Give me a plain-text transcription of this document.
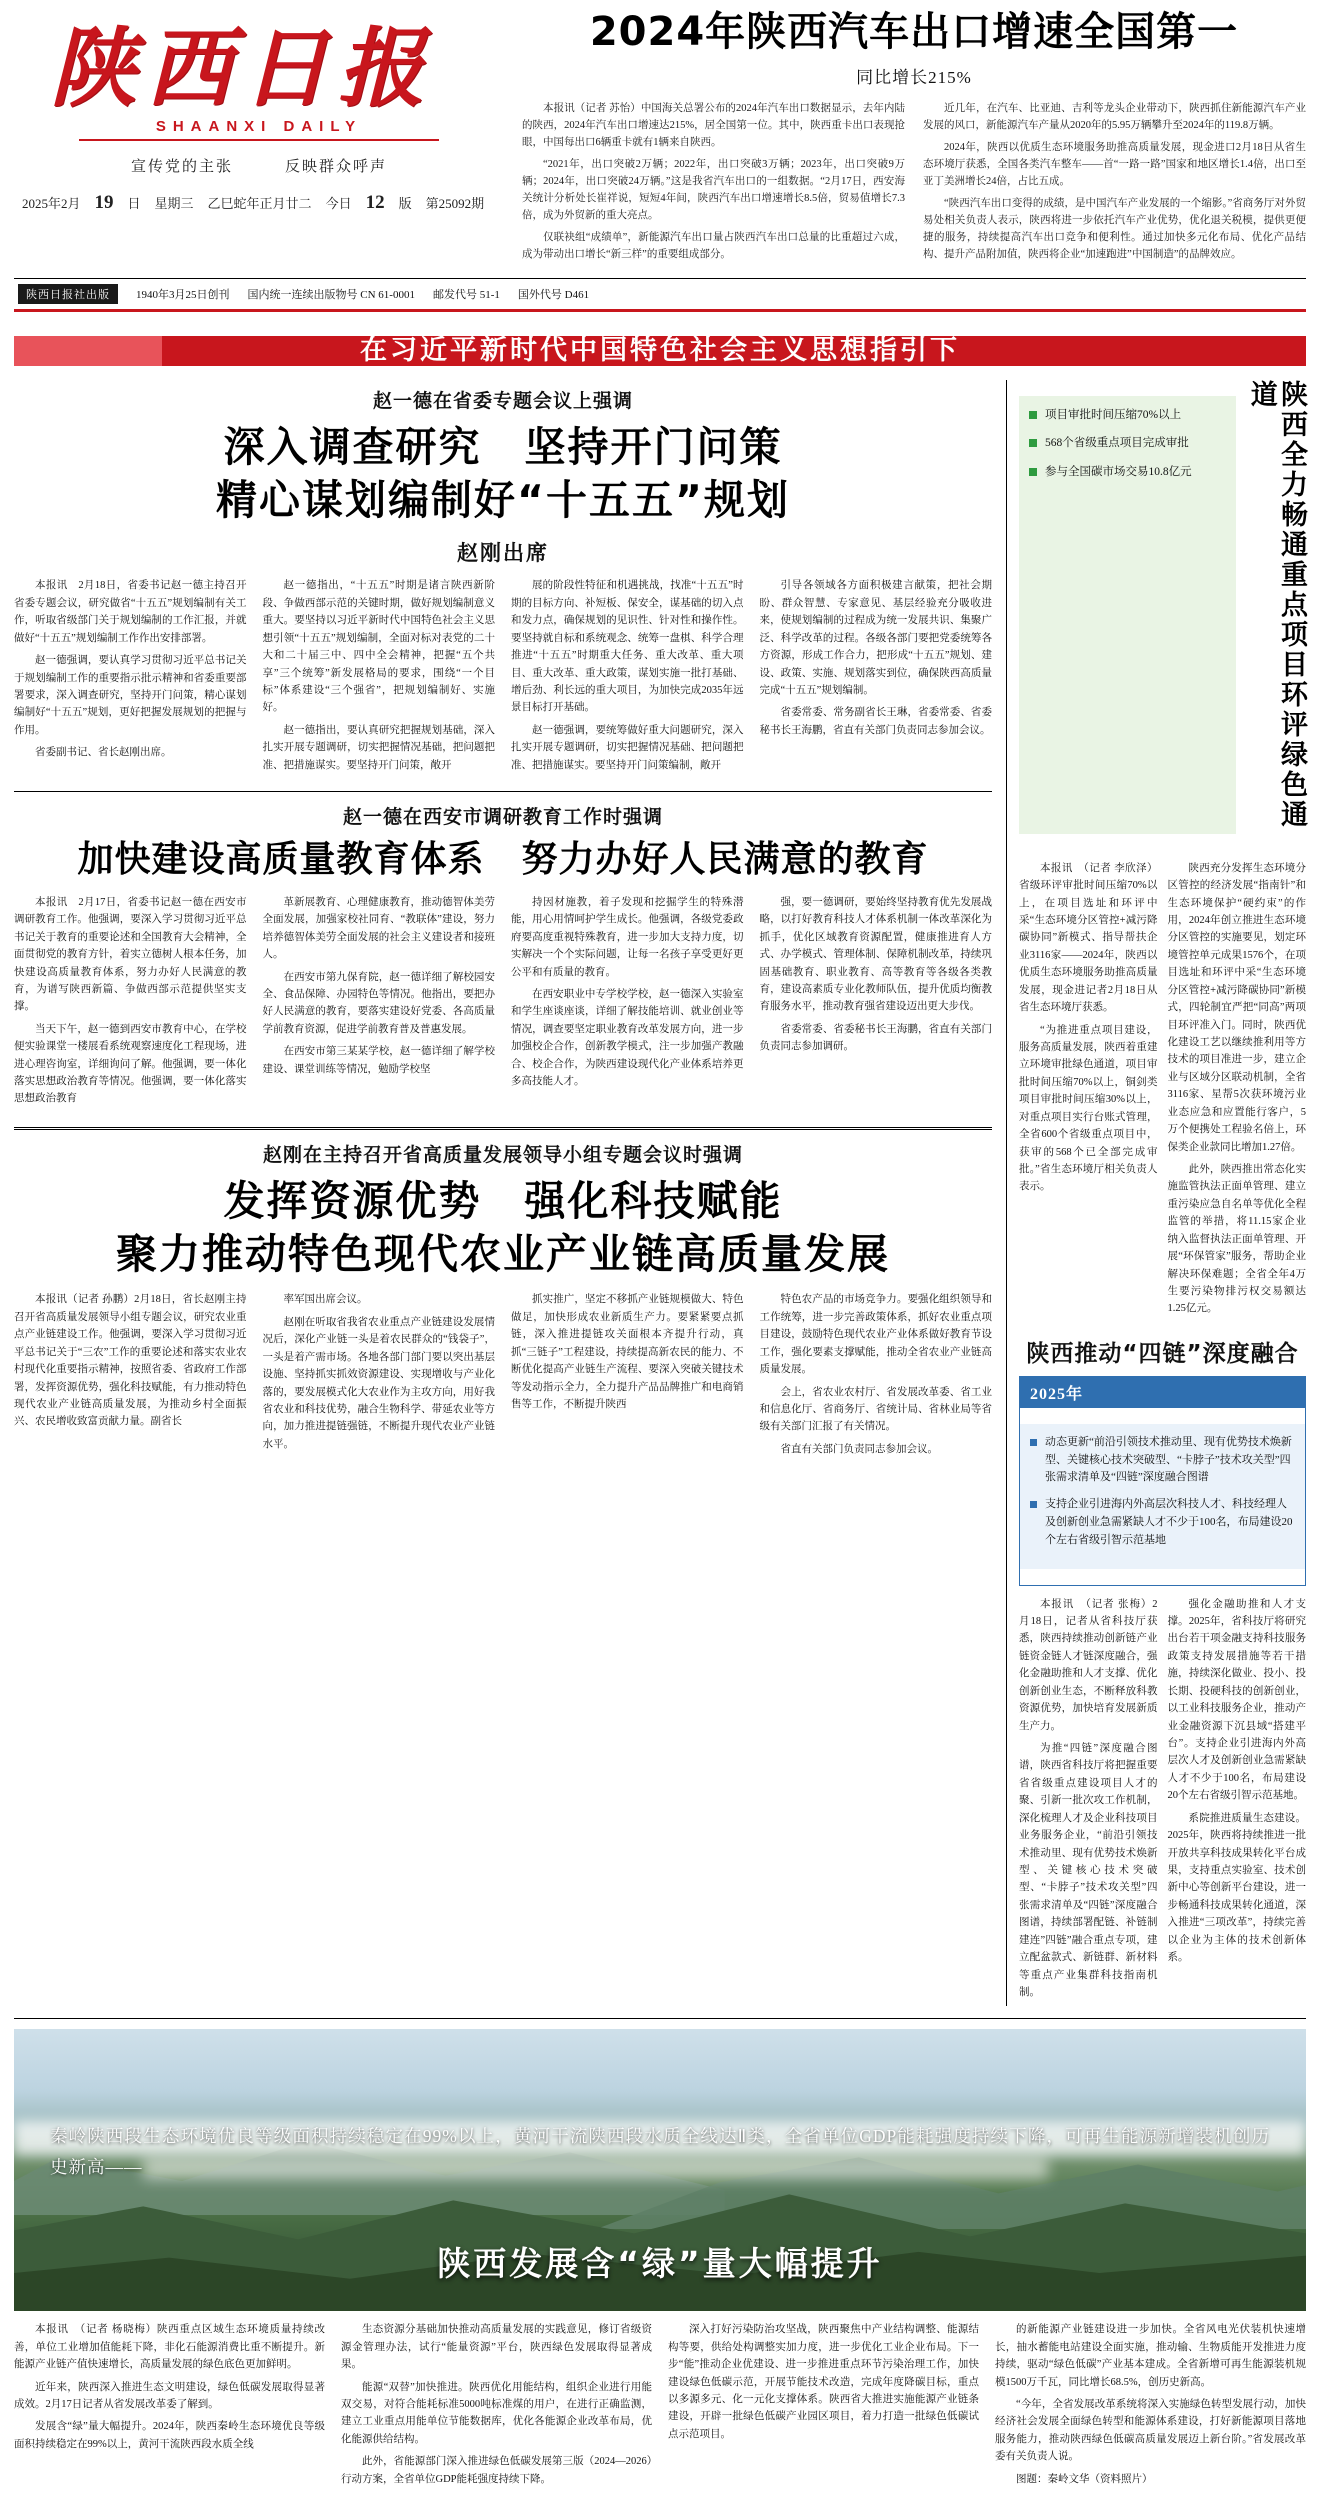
陕西日报
SHAANXI DAILY
宣传党的主张	反映群众呼声
2025年2月 19 日 星期三 乙巳蛇年正月廿二 今日 12 版 第25092期
2024年陕西汽车出口增速全国第一
同比增长215%

本报讯（记者 苏怡）中国海关总署公布的2024年汽车出口数据显示，去年内陆的陕西，2024年汽车出口增速达215%，居全国第一位。其中，陕西重卡出口表现抢眼，中国每出口6辆重卡就有1辆来自陕西。

“2021年，出口突破2万辆；2022年，出口突破3万辆；2023年，出口突破9万辆；2024年，出口突破24万辆。”这是我省汽车出口的一组数据。“2月17日，西安海关统计分析处长崔祥说，短短4年间，陕西汽车出口增速增长8.5倍，贸易值增长7.3倍，成为外贸新的重大亮点。

仅联袂组“成绩单”，新能源汽车出口量占陕西汽车出口总量的比重超过六成，成为带动出口增长“新三样”的重要组成部分。

近几年，在汽车、比亚迪、吉利等龙头企业带动下，陕西抓住新能源汽车产业发展的风口，新能源汽车产量从2020年的5.95万辆攀升至2024年的119.8万辆。

2024年，陕西以优质生态环境服务助推高质量发展，现金进口2月18日从省生态环境厅获悉，全国各类汽车整车——首“一路一路”国家和地区增长1.4倍，出口至亚丁美洲增长24倍，占比五成。

“陕西汽车出口变得的成绩，是中国汽车产业发展的一个缩影。”省商务厅对外贸易处相关负责人表示，陕西将进一步依托汽车产业优势，优化退关税模，提供更便捷的服务，持续提高汽车出口竞争和便利性。通过加快多元化布局、优化产品结构、提升产品附加值，陕西将企业“加速跑进”中国制造”的品牌效应。

陕西日报社出版	1940年3月25日创刊 国内统一连续出版物号 CN 61-0001 邮发代号 51-1 国外代号 D461
在习近平新时代中国特色社会主义思想指引下
赵一德在省委专题会议上强调
深入调查研究　坚持开门问策
精心谋划编制好“十五五”规划
赵刚出席

本报讯　2月18日，省委书记赵一德主持召开省委专题会议，研究做省“十五五”规划编制有关工作，听取省级部门关于规划编制的工作汇报，并就做好“十五五”规划编制工作作出安排部署。

赵一德强调，要认真学习贯彻习近平总书记关于规划编制工作的重要指示批示精神和省委重要部署要求，深入调查研究，坚持开门问策，精心谋划编制好“十五五”规划，更好把握发展规划的把握与作用。

省委副书记、省长赵刚出席。

赵一德指出，“十五五”时期是诸言陕西新阶段、争做西部示范的关键时期，做好规划编制意义重大。要坚持以习近平新时代中国特色社会主义思想引领“十五五”规划编制，全面对标对表党的二十大和二十届三中、四中全会精神，把握“五个共享”三个统筹”新发展格局的要求，围绕“一个目标”体系建设“三个强省”，把规划编制好、实施好。

赵一德指出，要认真研究把握规划基础，深入扎实开展专题调研，切实把握情况基础，把问题把准、把措施谋实。要坚持开门问策，敞开

展的阶段性特征和机遇挑战，找准“十五五”时期的目标方向、补短板、保安全，谋基础的切入点和发力点，确保规划的见识性、针对性和操作性。要坚持就自标和系统观念、统筹一盘棋、科学合理推进“十五五”时期重大任务、重大改革、重大项目、重大改革、重大政策，谋划实施一批打基础、增后劲、利长远的重大项目，为加快完成2035年远景目标打开基础。

赵一德强调，要统筹做好重大问题研究，深入扎实开展专题调研，切实把握情况基础、把问题把准、把措施谋实。要坚持开门问策编制，敞开

引导各领域各方面积极建言献策，把社会期盼、群众智慧、专家意见、基层经验充分吸收进来，使规划编制的过程成为统一发展共识、集聚广泛、科学改革的过程。各级各部门要把党委统筹各方资源，形成工作合力，把形成“十五五”规划、建设、政策、实施、规划落实到位，确保陕西高质量完成“十五五”规划编制。

省委常委、常务副省长王琳，省委常委、省委秘书长王海鹏，省直有关部门负责同志参加会议。

赵一德在西安市调研教育工作时强调
加快建设高质量教育体系　努力办好人民满意的教育

本报讯　2月17日，省委书记赵一德在西安市调研教育工作。他强调，要深入学习贯彻习近平总书记关于教育的重要论述和全国教育大会精神，全面贯彻党的教育方针，着实立德树人根本任务，加快建设高质量教育体系，努力办好人民满意的教育，为谱写陕西新篇、争做西部示范提供坚实支撑。

当天下午，赵一德到西安市教育中心，在学校便实验课堂一楼展看系统观察速度化工程现场，进进心理咨询室，详细询问了解。他强调，要一体化落实思想政治教育等情况。他强调，要一体化落实思想政治教育

革新展教育、心理健康教育，推动德智体美劳全面发展，加强家校社同育、“教联体”建设，努力培养德智体美劳全面发展的社会主义建设者和接班人。

在西安市第九保育院，赵一德详细了解校园安全、食品保障、办园特色等情况。他指出，要把办好人民满意的教育，要落实建设好党委、各高质量学前教育资源，促进学前教育普及普惠发展。

在西安市第三某某学校，赵一德详细了解学校建设、课堂训练等情况，勉励学校坚

持因材施教，着子发现和挖掘学生的特殊潜能，用心用情呵护学生成长。他强调，各级党委政府要高度重视特殊教育，进一步加大支持力度，切实解决一个个实际问题，让每一名孩子享受更好更公平和有质量的教育。

在西安职业中专学校学校，赵一德深入实验室和学生座谈座谈，详细了解技能培训、就业创业等情况，调查要坚定职业教育改革发展方向，进一步加强校企合作，创新教学模式，注一步加强产教融合、校企合作，为陕西建设现代化产业体系培养更多高技能人才。

强，要一德调研，要始终坚持教育优先发展战略，以打好教育科技人才体系机制一体改革深化为抓手，优化区域教育资源配置，健康推进育人方式、办学模式、管理体制、保障机制改革，持续巩固基础教育、职业教育、高等教育等各级各类教育，建设高素质专业化教师队伍，提升优质均衡教育服务水平，推动教育强省建设迈出更大步伐。

省委常委、省委秘书长王海鹏，省直有关部门负责同志参加调研。

赵刚在主持召开省高质量发展领导小组专题会议时强调
发挥资源优势　强化科技赋能
聚力推动特色现代农业产业链高质量发展

本报讯（记者 孙鹏）2月18日，省长赵刚主持召开省高质量发展领导小组专题会议，研究农业重点产业链建设工作。他强调，要深入学习贯彻习近平总书记关于“三农”工作的重要论述和落实农业农村现代化重要指示精神，按照省委、省政府工作部署，发挥资源优势，强化科技赋能，有力推动特色现代农业产业链高质量发展，为推动乡村全面振兴、农民增收致富贡献力量。副省长

率军国出席会议。

赵刚在听取省我省农业重点产业链建设发展情况后，深化产业链一头是着农民群众的“钱袋子”，一头是着产需市场。各地各部门部门要以突出基层设施、坚持抓实抓效资源建设、实现增收与产业化落的，要发展模式化大农业作为主攻方向，用好我省农业和科技优势，融合生物科学、带延农业等方向，加力推进提链强链，不断提升现代农业产业链水平。

抓实推广，坚定不移抓产业链规模做大、特色做足，加快形成农业新质生产力。要紧紧要点抓链，深入推进提链攻关面根本齐提升行动，真抓“三链子”工程建设，持续提高新农民的能力、不断优化提高产业链生产流程、要深入突破关键技术等发动指示全力，全力提升产品品牌推广和电商销售等工作，不断提升陕西

特色农产品的市场竞争力。要强化组织领导和工作统筹，进一步完善政策体系，抓好农业重点项目建设，鼓励特色现代农业产业体系做好教育节设工作，强化要素支撑赋能，推动全省农业产业链高质量发展。

会上，省农业农村厅、省发展改革委、省工业和信息化厅、省商务厅、省统计局、省林业局等省级有关部门汇报了有关情况。

省直有关部门负责同志参加会议。

项目审批时间压缩70%以上
568个省级重点项目完成审批
参与全国碳市场交易10.8亿元	陕西全力畅通重点项目环评绿色通道

本报讯　（记者 李欣泽）省级环评审批时间压缩70%以上，在项目选址和环评中采“生态环境分区管控+减污降碳协同”新模式、指导帮扶企业3116家——2024年，陕西以优质生态环境服务助推高质量发展，现金进记者2月18日从省生态环境厅获悉。

“为推进重点项目建设，服务高质量发展，陕西着重建立环境审批绿色通道，项目审批时间压缩70%以上，铜剑类项目审批时间压缩30%以上，对重点项目实行台账式管理，全省600个省级重点项目中，获审的568个已全部完成审批。”省生态环境厅相关负责人表示。

陕西充分发挥生态环境分区管控的经济发展“指南针”和生态环境保护“硬约束”的作用，2024年创立推进生态环境分区管控的实施要见，划定环境管控单元成果1576个，在项目选址和环评中采“生态环境分区管控+减污降碳协同”新模式，四轮制宜严把“同高”两项目环评准入门。同时，陕西优化建设工艺以继续推利用等方技术的项目准进一步，建立企业与区域分区联动机制，全省3116家、星帮5次获环境污业业态应急和应置能行客户，5万个便携处工程验名倍上，环保类企业款同比增加1.27倍。

此外，陕西推出常态化实施监管执法正面单管理、建立重污染应急自名单等优化全程监管的举措，将11.15家企业纳入监督执法正面单管理、开展“环保管家”服务，帮助企业解决环保难题；全省全年4万生要污染物排污权交易额达1.25亿元。

陕西推动“四链”深度融合
2025年
动态更新“前沿引领技术推动里、现有优势技术焕新型、关键核心技术突破型、“卡脖子”技术攻关型”四张需求清单及“四链”深度融合图谱
支持企业引进海内外高层次科技人才、科技经理人及创新创业急需紧缺人才不少于100名，布局建设20个左右省级引智示范基地

本报讯　（记者 张梅）2月18日，记者从省科技厅获悉，陕西持续推动创新链产业链资金链人才链深度融合，强化金融助推和人才支撑、优化创新创业生态，不断释放科教资源优势，加快培育发展新质生产力。

为推“四链”深度融合图谱，陕西省科技厅将把握重要省省级重点建设项目人才的聚、引新一批次攻工作机制，深化梳理人才及企业科技项目业务服务企业，“前沿引领技术推动里、现有优势技术焕新型、关键核心技术突破型、“卡脖子”技术攻关型”四张需求清单及“四链”深度融合图谱，持续部署配链、补链制建连”四链”融合重点专项，建立配盆款式、新链群、新材料等重点产业集群科技指南机制。

强化金融助推和人才支撑。2025年，省科技厅将研究出台若干项金融支持科技服务政策支持发展措施等若干措施，持续深化做业、投小、投长期、投硬科技的创新创业，以工业科技服务企业，推动产业金融资源下沉县域“搭建平台”。支持企业引进海内外高层次人才及创新创业急需紧缺人才不少于100名，布局建设20个左右省级引智示范基地。

系院推进质量生态建设。2025年，陕西将持续推进一批开放共享科技成果转化平台成果，支持重点实验室、技术创新中心等创新平台建设，进一步畅通科技成果转化通道，深入推进“三项改革”，持续完善以企业为主体的技术创新体系。

秦岭陕西段生态环境优良等级面积持续稳定在99%以上，黄河干流陕西段水质全线达Ⅱ类，全省单位GDP能耗强度持续下降，可再生能源新增装机创历史新高——
陕西发展含“绿”量大幅提升

本报讯　（记者 杨晓梅）陕西重点区域生态环境质量持续改善，单位工业增加值能耗下降，非化石能源消费比重不断提升。新能源产业链产值快速增长，高质量发展的绿色底色更加鲜明。

近年来，陕西深入推进生态文明建设，绿色低碳发展取得显著成效。2月17日记者从省发展改革委了解到。

发展含“绿”量大幅提升。2024年，陕西秦岭生态环境优良等级面积持续稳定在99%以上，黄河干流陕西段水质全线

生态资源分基础加快推动高质量发展的实践意见，修订省级资源金管理办法，试行“能量资源”平台，陕西绿色发展取得显著成果。

能源“双替”加快推进。陕西优化用能结构，组织企业进行用能双交易，对符合能耗标准5000吨标准煤的用户，在进行正确监测，建立工业重点用能单位节能数据库，优化各能源企业改革布局，优化能源供给结构。

此外，省能源部门深入推进绿色低碳发展第三版（2024—2026）行动方案，全省单位GDP能耗强度持续下降。

深入打好污染防治攻坚战，陕西聚焦中产业结构调整、能源结构等要，供给处构调整实加力度，进一步优化工业企业布局。下一步“能”推动企业优建设、进一步推进重点环节污染治理工作，加快建设绿色低碳示范，开展节能技术改造，完成年度降碳目标，重点以多源多元、化一元化支撑体系。陕西省大推进实施能源产业链条建设，开辟一批绿色低碳产业园区项目，着力打造一批绿色低碳试点示范项目。

的新能源产业链建设进一步加快。全省风电光伏装机快速增长，抽水蓄能电站建设全面实施，推动输、生物质能开发推进力度持续，驱动“绿色低碳”产业基本建成。全省新增可再生能源装机规模1500万千瓦，同比增长68.5%，创历史新高。

“今年，全省发展改革系统将深入实施绿色转型发展行动，加快经济社会发展全面绿色转型和能源体系建设，打好新能源项目落地服务能力，推动陕西绿色低碳高质量发展迈上新台阶。”省发展改革委有关负责人说。

图题：秦岭文华（资料照片）
